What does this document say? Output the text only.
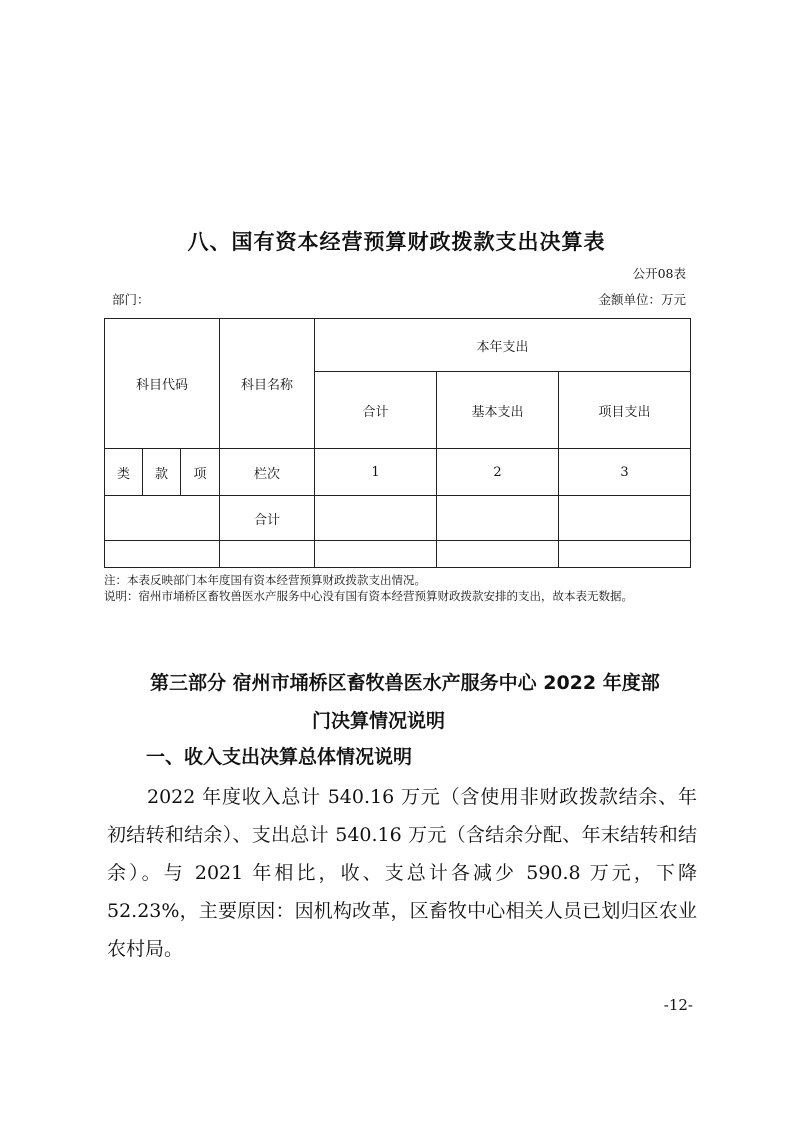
八、国有资本经营预算财政拨款支出决算表
公开08表
部门：	金额单位：万元
科目代码			科目名称	本年支出		
				合计	基本支出	项目支出
类	款	项	栏次	1	2	3
			合计			

注：本表反映部门本年度国有资本经营预算财政拨款支出情况。
说明：宿州市埇桥区畜牧兽医水产服务中心没有国有资本经营预算财政拨款安排的支出，故本表无数据。
第三部分 宿州市埇桥区畜牧兽医水产服务中心 2022 年度部
门决算情况说明
一、收入支出决算总体情况说明
2022 年度收入总计 540.16 万元（含使用非财政拨款结余、年初结转和结余）、支出总计 540.16 万元（含结余分配、年末结转和结余）。与 2021 年相比，收、支总计各减少 590.8 万元，下降 52.23%，主要原因：因机构改革，区畜牧中心相关人员已划归区农业农村局。
-12-
